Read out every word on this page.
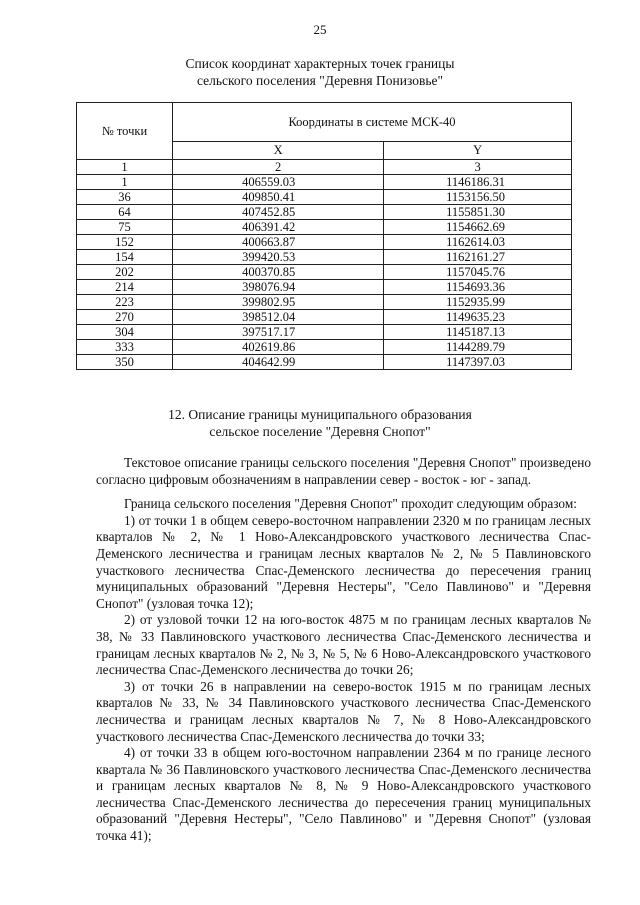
25
Список координат характерных точек границы
сельского поселения "Деревня Понизовье"
№ точки	Координаты в системе МСК-40	
	X	Y
1	2	3
1	406559.03	1146186.31
36	409850.41	1153156.50
64	407452.85	1155851.30
75	406391.42	1154662.69
152	400663.87	1162614.03
154	399420.53	1162161.27
202	400370.85	1157045.76
214	398076.94	1154693.36
223	399802.95	1152935.99
270	398512.04	1149635.23
304	397517.17	1145187.13
333	402619.86	1144289.79
350	404642.99	1147397.03
12. Описание границы муниципального образования
сельское поселение "Деревня Снопот"

Текстовое описание границы сельского поселения "Деревня Снопот" произведено согласно цифровым обозначениям в направлении север - восток - юг - запад.

Граница сельского поселения "Деревня Снопот" проходит следующим образом:

1) от точки 1 в общем северо-восточном направлении 2320 м по границам лесных кварталов № 2, № 1 Ново-Александровского участкового лесничества Спас-Деменского лесничества и границам лесных кварталов № 2, № 5 Павлиновского участкового лесничества Спас-Деменского лесничества до пересечения границ муниципальных образований "Деревня Нестеры", "Село Павлиново" и "Деревня Снопот" (узловая точка 12);

2) от узловой точки 12 на юго-восток 4875 м по границам лесных кварталов № 38, № 33 Павлиновского участкового лесничества Спас-Деменского лесничества и границам лесных кварталов № 2, № 3, № 5, № 6 Ново-Александровского участкового лесничества Спас-Деменского лесничества до точки 26;

3) от точки 26 в направлении на северо-восток 1915 м по границам лесных кварталов № 33, № 34 Павлиновского участкового лесничества Спас-Деменского лесничества и границам лесных кварталов № 7, № 8 Ново-Александровского участкового лесничества Спас-Деменского лесничества до точки 33;

4) от точки 33 в общем юго-восточном направлении 2364 м по границе лесного квартала № 36 Павлиновского участкового лесничества Спас-Деменского лесничества и границам лесных кварталов № 8, № 9 Ново-Александровского участкового лесничества Спас-Деменского лесничества до пересечения границ муниципальных образований "Деревня Нестеры", "Село Павлиново" и "Деревня Снопот" (узловая точка 41);
